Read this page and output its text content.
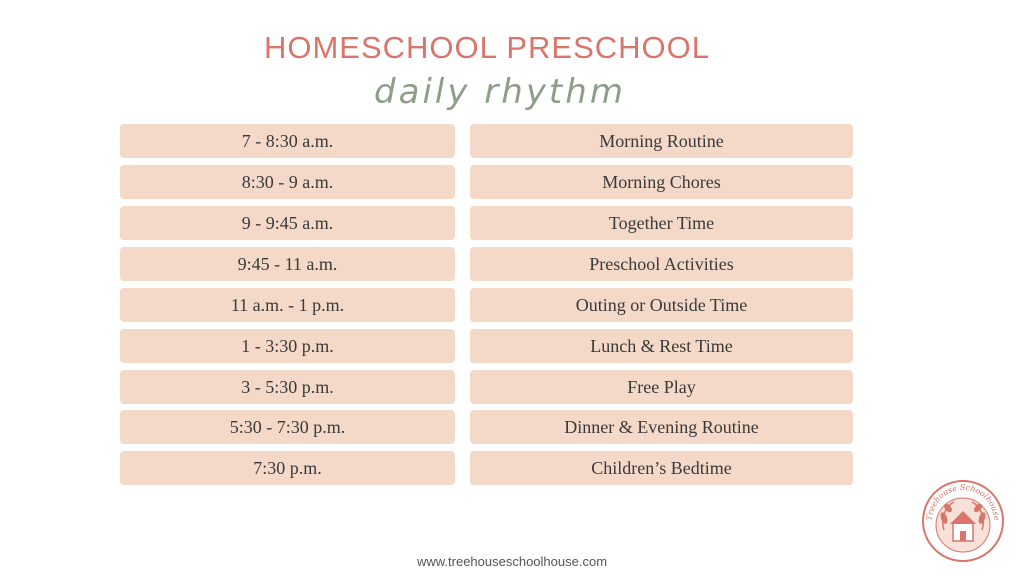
HOMESCHOOL PRESCHOOL
daily rhythm
7 - 8:30 a.m.	Morning Routine
8:30 - 9 a.m.	Morning Chores
9 - 9:45 a.m.	Together Time
9:45 - 11 a.m.	Preschool Activities
11 a.m. - 1 p.m.	Outing or Outside Time
1 - 3:30 p.m.	Lunch & Rest Time
3 - 5:30 p.m.	Free Play
5:30 - 7:30 p.m.	Dinner & Evening Routine
7:30 p.m.	Children’s Bedtime
www.treehouseschoolhouse.com
Treehouse Schoolhouse
